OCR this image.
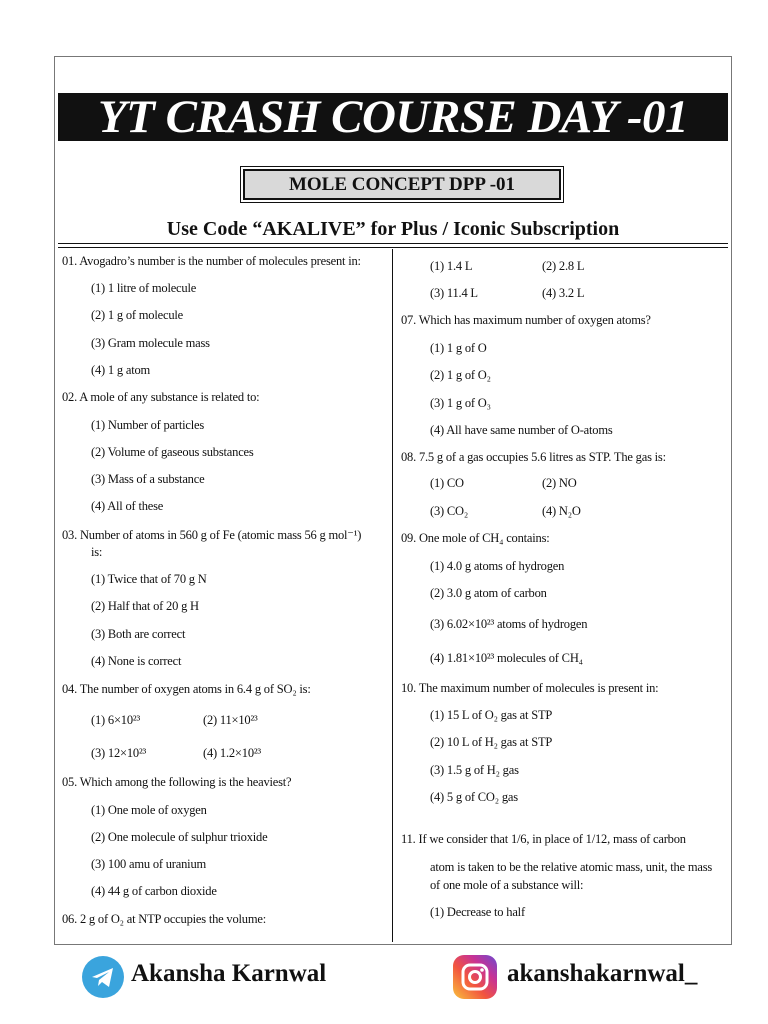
YT CRASH COURSE DAY -01
MOLE CONCEPT DPP -01
Use Code “AKALIVE” for Plus / Iconic Subscription
01. Avogadro’s number is the number of molecules present in:
(1) 1 litre of molecule
(2) 1 g of molecule
(3) Gram molecule mass
(4) 1 g atom
02. A mole of any substance is related to:
(1) Number of particles
(2) Volume of gaseous substances
(3) Mass of a substance
(4) All of these
03. Number of atoms in 560 g of Fe (atomic mass 56 g mol⁻¹)
is:
(1) Twice that of 70 g N
(2) Half that of 20 g H
(3) Both are correct
(4) None is correct
04. The number of oxygen atoms in 6.4 g of SO₂ is:
(1) 6×10²³	(2) 11×10²³
(3) 12×10²³	(4) 1.2×10²³
05. Which among the following is the heaviest?
(1) One mole of oxygen
(2) One molecule of sulphur trioxide
(3) 100 amu of uranium
(4) 44 g of carbon dioxide
06. 2 g of O₂ at NTP occupies the volume:
(1) 1.4 L	(2) 2.8 L
(3) 11.4 L	(4) 3.2 L
07. Which has maximum number of oxygen atoms?
(1) 1 g of O
(2) 1 g of O₂
(3) 1 g of O₃
(4) All have same number of O-atoms
08. 7.5 g of a gas occupies 5.6 litres as STP. The gas is:
(1) CO	(2) NO
(3) CO₂	(4) N₂O
09. One mole of CH₄ contains:
(1) 4.0 g atoms of hydrogen
(2) 3.0 g atom of carbon
(3) 6.02×10²³ atoms of hydrogen
(4) 1.81×10²³ molecules of CH₄
10. The maximum number of molecules is present in:
(1) 15 L of O₂ gas at STP
(2) 10 L of H₂ gas at STP
(3) 1.5 g of H₂ gas
(4) 5 g of CO₂ gas
11. If we consider that 1/6, in place of 1/12, mass of carbon
atom is taken to be the relative atomic mass, unit, the mass
of one mole of a substance will:
(1) Decrease to half
Akansha Karnwal	akanshakarnwal_
